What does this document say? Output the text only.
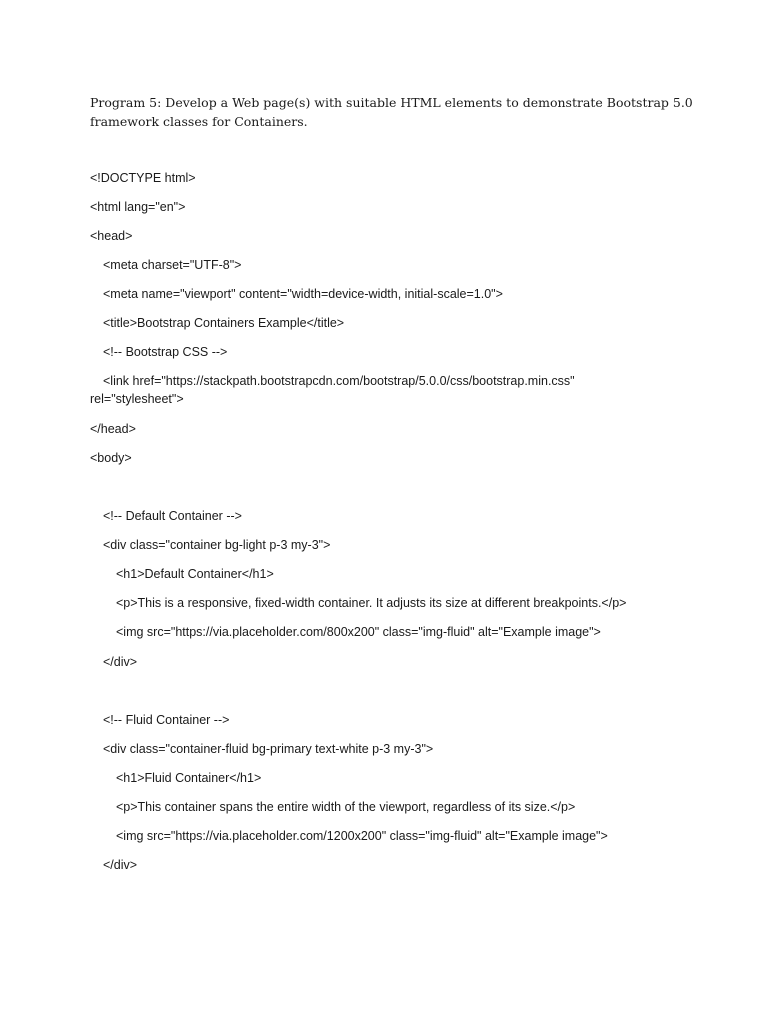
Program 5: Develop a Web page(s) with suitable HTML elements to demonstrate Bootstrap 5.0
framework classes for Containers.
<!DOCTYPE html>
<html lang="en">
<head>
<meta charset="UTF-8">
<meta name="viewport" content="width=device-width, initial-scale=1.0">
<title>Bootstrap Containers Example</title>
<!-- Bootstrap CSS -->
<link href="https://stackpath.bootstrapcdn.com/bootstrap/5.0.0/css/bootstrap.min.css"
rel="stylesheet">
</head>
<body>
<!-- Default Container -->
<div class="container bg-light p-3 my-3">
<h1>Default Container</h1>
<p>This is a responsive, fixed-width container. It adjusts its size at different breakpoints.</p>
<img src="https://via.placeholder.com/800x200" class="img-fluid" alt="Example image">
</div>
<!-- Fluid Container -->
<div class="container-fluid bg-primary text-white p-3 my-3">
<h1>Fluid Container</h1>
<p>This container spans the entire width of the viewport, regardless of its size.</p>
<img src="https://via.placeholder.com/1200x200" class="img-fluid" alt="Example image">
</div>
